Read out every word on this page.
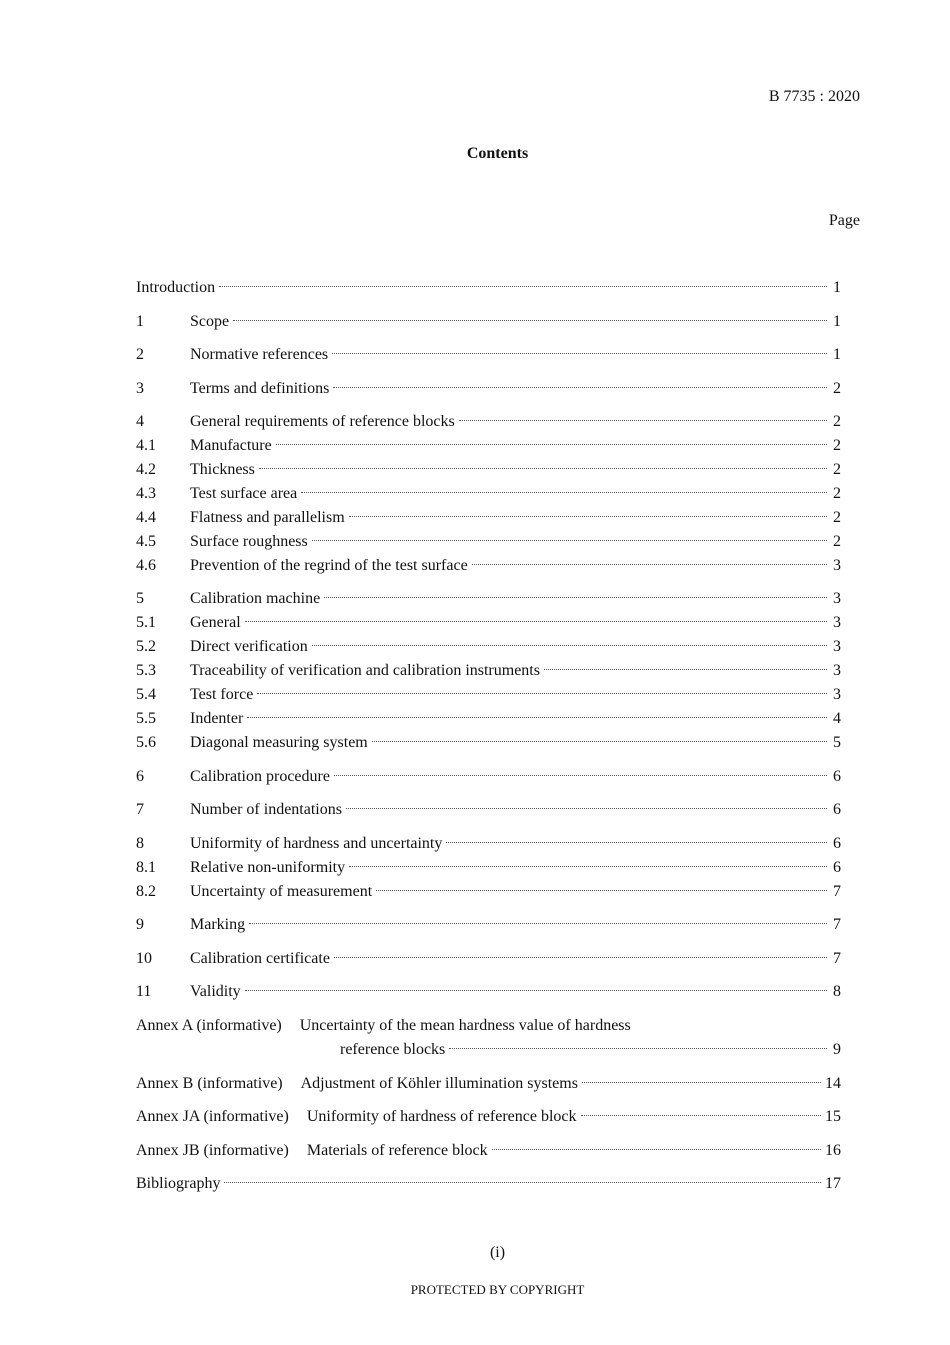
B 7735 : 2020
Contents
Page
Introduction	1
1	Scope	1
2	Normative references	1
3	Terms and definitions	2
4	General requirements of reference blocks	2
4.1	Manufacture	2
4.2	Thickness	2
4.3	Test surface area	2
4.4	Flatness and parallelism	2
4.5	Surface roughness	2
4.6	Prevention of the regrind of the test surface	3
5	Calibration machine	3
5.1	General	3
5.2	Direct verification	3
5.3	Traceability of verification and calibration instruments	3
5.4	Test force	3
5.5	Indenter	4
5.6	Diagonal measuring system	5
6	Calibration procedure	6
7	Number of indentations	6
8	Uniformity of hardness and uncertainty	6
8.1	Relative non-uniformity	6
8.2	Uncertainty of measurement	7
9	Marking	7
10	Calibration certificate	7
11	Validity	8
Annex A (informative) Uncertainty of the mean hardness value of hardness
reference blocks	9
Annex B (informative) Adjustment of Köhler illumination systems	14
Annex JA (informative) Uniformity of hardness of reference block	15
Annex JB (informative) Materials of reference block	16
Bibliography	17
(i)
PROTECTED BY COPYRIGHT
